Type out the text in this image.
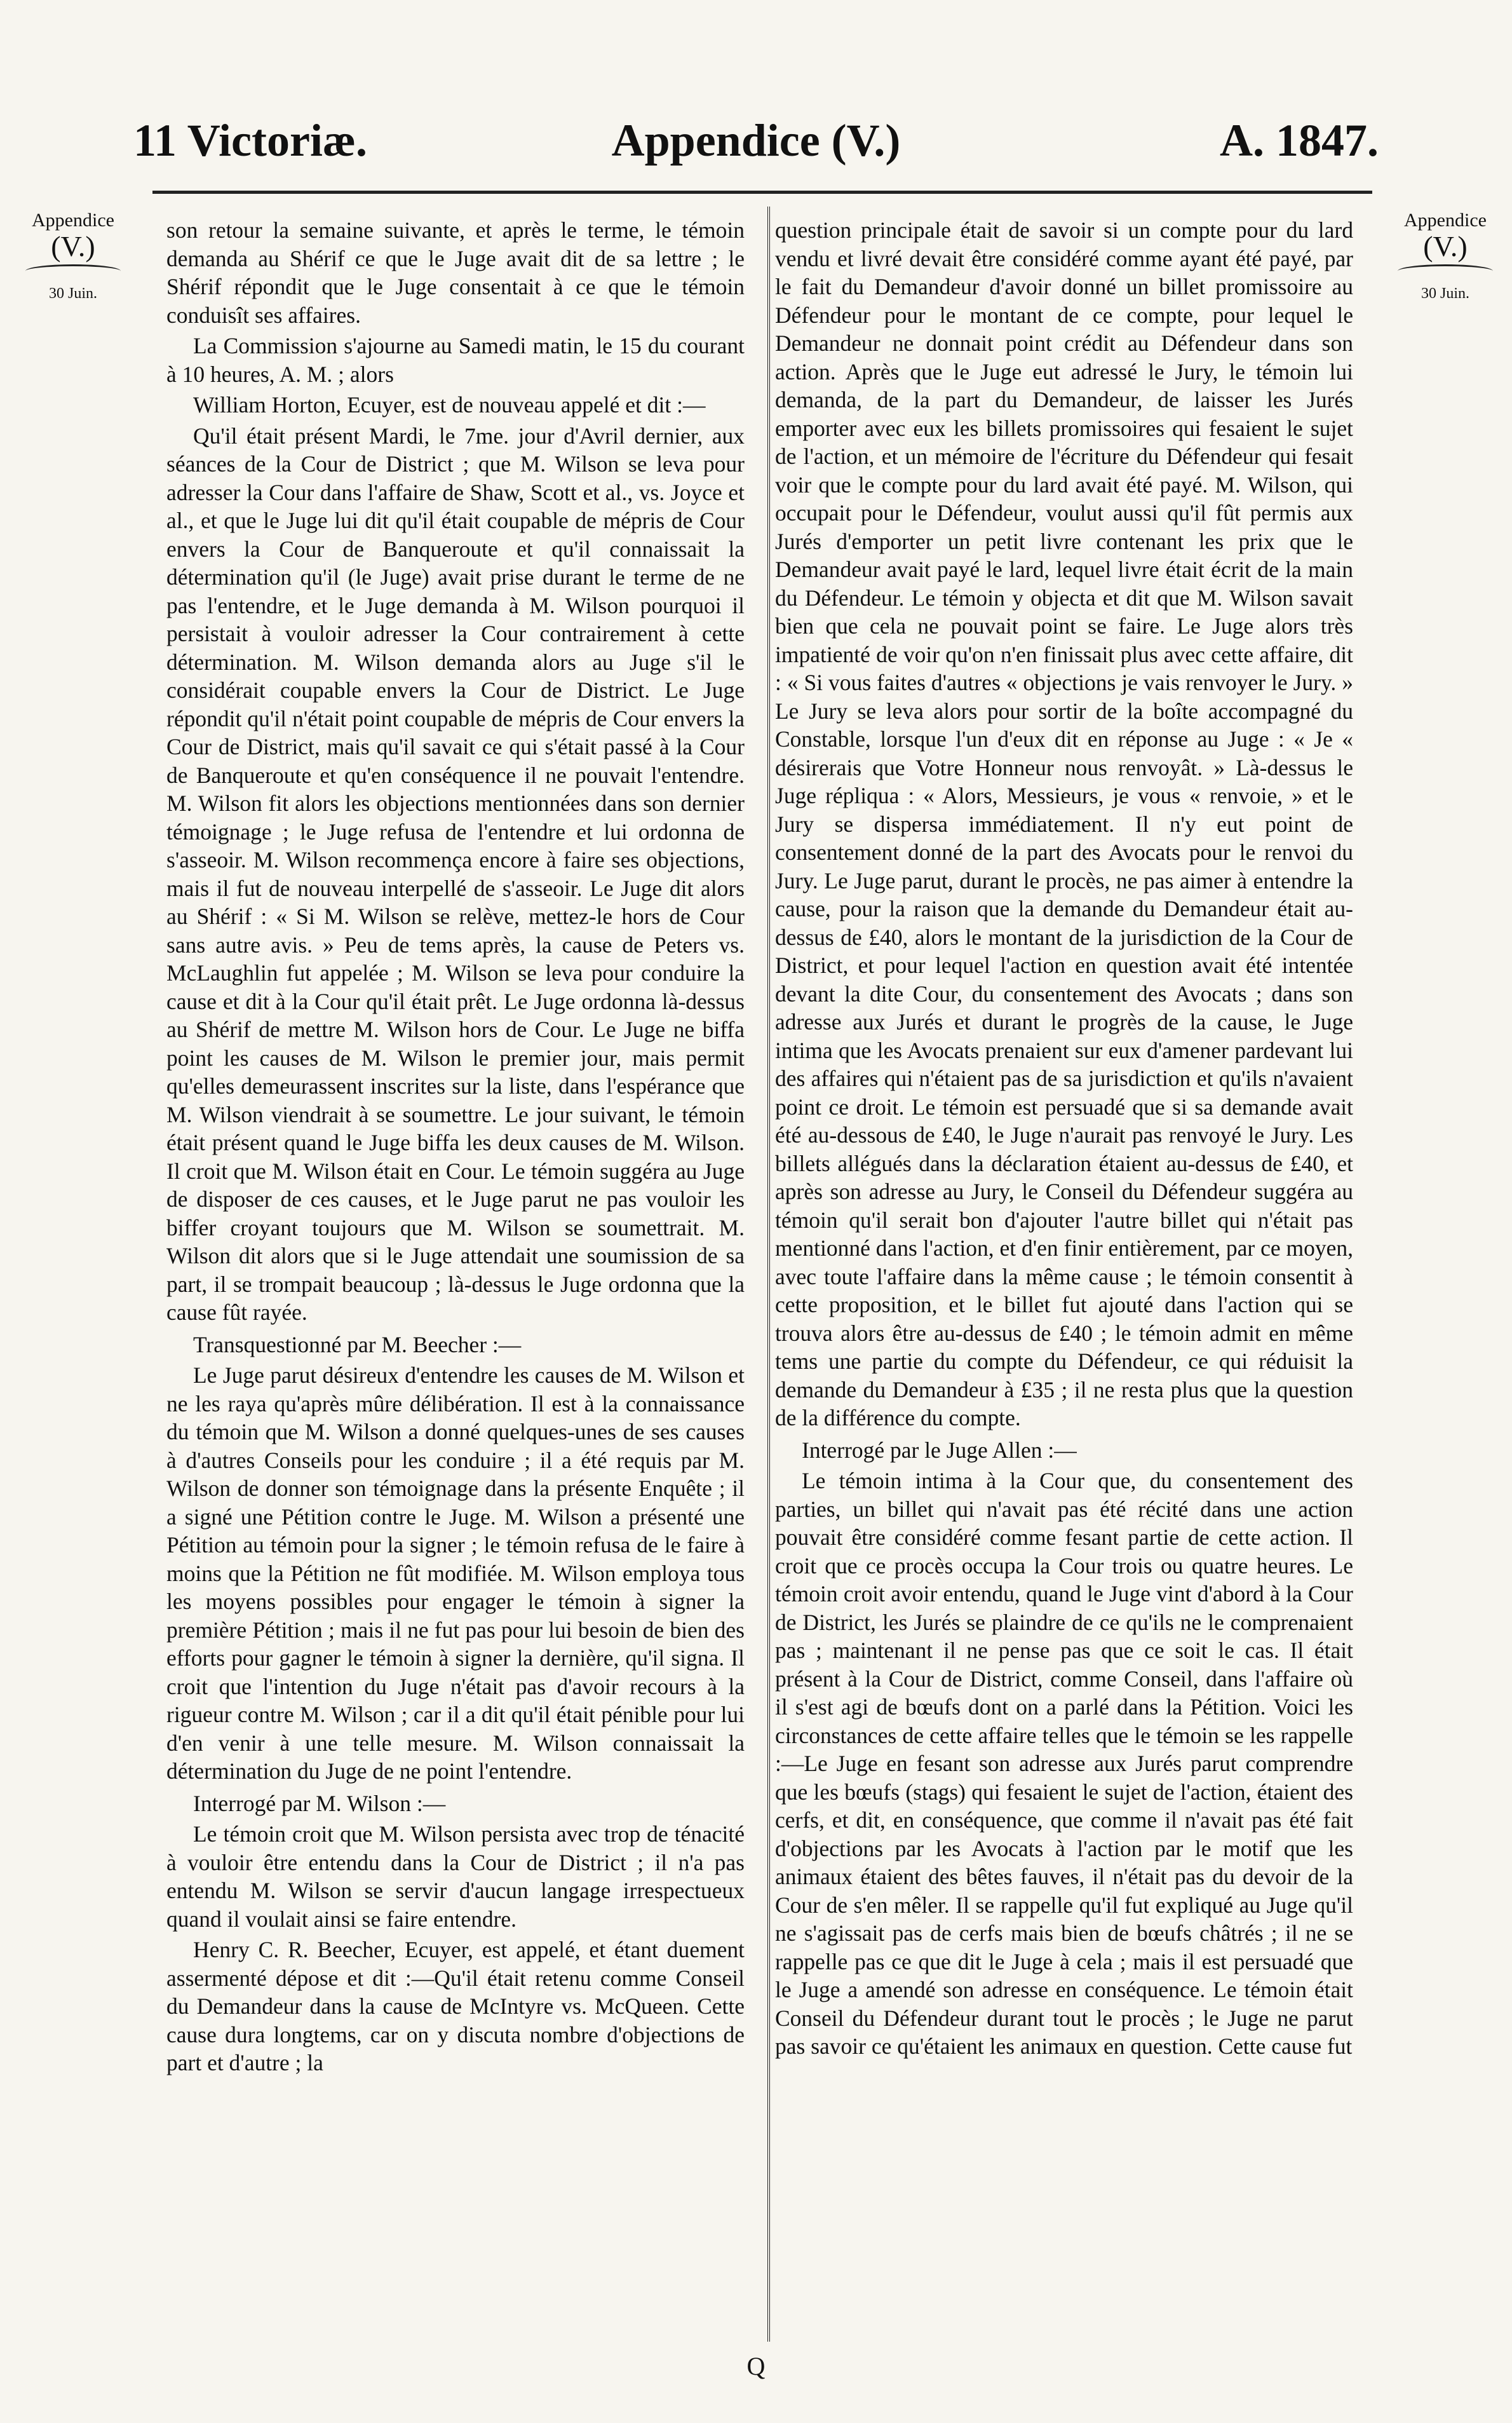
11 Victoriæ.	Appendice (V.)	A. 1847.
Appendice
(V.)
30 Juin.
Appendice
(V.)
30 Juin.

son retour la semaine suivante, et après le terme, le témoin demanda au Shérif ce que le Juge avait dit de sa lettre ; le Shérif répondit que le Juge consentait à ce que le témoin conduisît ses affaires.

La Commission s'ajourne au Samedi matin, le 15 du courant à 10 heures, A. M. ; alors

William Horton, Ecuyer, est de nouveau appelé et dit :—

Qu'il était présent Mardi, le 7me. jour d'Avril dernier, aux séances de la Cour de District ; que M. Wilson se leva pour adresser la Cour dans l'affaire de Shaw, Scott et al., vs. Joyce et al., et que le Juge lui dit qu'il était coupable de mépris de Cour envers la Cour de Banqueroute et qu'il connaissait la détermination qu'il (le Juge) avait prise durant le terme de ne pas l'entendre, et le Juge demanda à M. Wilson pourquoi il persistait à vouloir adresser la Cour contrairement à cette détermination. M. Wilson demanda alors au Juge s'il le considérait coupable envers la Cour de District. Le Juge répondit qu'il n'était point coupable de mépris de Cour envers la Cour de District, mais qu'il savait ce qui s'était passé à la Cour de Banqueroute et qu'en conséquence il ne pouvait l'entendre. M. Wilson fit alors les objections mentionnées dans son dernier témoignage ; le Juge refusa de l'entendre et lui ordonna de s'asseoir. M. Wilson recommença encore à faire ses objections, mais il fut de nouveau interpellé de s'asseoir. Le Juge dit alors au Shérif : « Si M. Wilson se relève, mettez-le hors de Cour sans autre avis. » Peu de tems après, la cause de Peters vs. McLaughlin fut appelée ; M. Wilson se leva pour conduire la cause et dit à la Cour qu'il était prêt. Le Juge ordonna là-dessus au Shérif de mettre M. Wilson hors de Cour. Le Juge ne biffa point les causes de M. Wilson le premier jour, mais permit qu'elles demeurassent inscrites sur la liste, dans l'espérance que M. Wilson viendrait à se soumettre. Le jour suivant, le témoin était présent quand le Juge biffa les deux causes de M. Wilson. Il croit que M. Wilson était en Cour. Le témoin suggéra au Juge de disposer de ces causes, et le Juge parut ne pas vouloir les biffer croyant toujours que M. Wilson se soumettrait. M. Wilson dit alors que si le Juge attendait une soumission de sa part, il se trompait beaucoup ; là-dessus le Juge ordonna que la cause fût rayée.

Transquestionné par M. Beecher :—

Le Juge parut désireux d'entendre les causes de M. Wilson et ne les raya qu'après mûre délibération. Il est à la connaissance du témoin que M. Wilson a donné quelques-unes de ses causes à d'autres Conseils pour les conduire ; il a été requis par M. Wilson de donner son témoignage dans la présente Enquête ; il a signé une Pétition contre le Juge. M. Wilson a présenté une Pétition au témoin pour la signer ; le témoin refusa de le faire à moins que la Pétition ne fût modifiée. M. Wilson employa tous les moyens possibles pour engager le témoin à signer la première Pétition ; mais il ne fut pas pour lui besoin de bien des efforts pour gagner le témoin à signer la dernière, qu'il signa. Il croit que l'intention du Juge n'était pas d'avoir recours à la rigueur contre M. Wilson ; car il a dit qu'il était pénible pour lui d'en venir à une telle mesure. M. Wilson connaissait la détermination du Juge de ne point l'entendre.

Interrogé par M. Wilson :—

Le témoin croit que M. Wilson persista avec trop de ténacité à vouloir être entendu dans la Cour de District ; il n'a pas entendu M. Wilson se servir d'aucun langage irrespectueux quand il voulait ainsi se faire entendre.

Henry C. R. Beecher, Ecuyer, est appelé, et étant duement assermenté dépose et dit :—Qu'il était retenu comme Conseil du Demandeur dans la cause de McIntyre vs. McQueen. Cette cause dura longtems, car on y discuta nombre d'objections de part et d'autre ; la

question principale était de savoir si un compte pour du lard vendu et livré devait être considéré comme ayant été payé, par le fait du Demandeur d'avoir donné un billet promissoire au Défendeur pour le montant de ce compte, pour lequel le Demandeur ne donnait point crédit au Défendeur dans son action. Après que le Juge eut adressé le Jury, le témoin lui demanda, de la part du Demandeur, de laisser les Jurés emporter avec eux les billets promissoires qui fesaient le sujet de l'action, et un mémoire de l'écriture du Défendeur qui fesait voir que le compte pour du lard avait été payé. M. Wilson, qui occupait pour le Défendeur, voulut aussi qu'il fût permis aux Jurés d'emporter un petit livre contenant les prix que le Demandeur avait payé le lard, lequel livre était écrit de la main du Défendeur. Le témoin y objecta et dit que M. Wilson savait bien que cela ne pouvait point se faire. Le Juge alors très impatienté de voir qu'on n'en finissait plus avec cette affaire, dit : « Si vous faites d'autres « objections je vais renvoyer le Jury. » Le Jury se leva alors pour sortir de la boîte accompagné du Constable, lorsque l'un d'eux dit en réponse au Juge : « Je « désirerais que Votre Honneur nous renvoyât. » Là-dessus le Juge répliqua : « Alors, Messieurs, je vous « renvoie, » et le Jury se dispersa immédiatement. Il n'y eut point de consentement donné de la part des Avocats pour le renvoi du Jury. Le Juge parut, durant le procès, ne pas aimer à entendre la cause, pour la raison que la demande du Demandeur était au-dessus de £40, alors le montant de la jurisdiction de la Cour de District, et pour lequel l'action en question avait été intentée devant la dite Cour, du consentement des Avocats ; dans son adresse aux Jurés et durant le progrès de la cause, le Juge intima que les Avocats prenaient sur eux d'amener pardevant lui des affaires qui n'étaient pas de sa jurisdiction et qu'ils n'avaient point ce droit. Le témoin est persuadé que si sa demande avait été au-dessous de £40, le Juge n'aurait pas renvoyé le Jury. Les billets allégués dans la déclaration étaient au-dessus de £40, et après son adresse au Jury, le Conseil du Défendeur suggéra au témoin qu'il serait bon d'ajouter l'autre billet qui n'était pas mentionné dans l'action, et d'en finir entièrement, par ce moyen, avec toute l'affaire dans la même cause ; le témoin consentit à cette proposition, et le billet fut ajouté dans l'action qui se trouva alors être au-dessus de £40 ; le témoin admit en même tems une partie du compte du Défendeur, ce qui réduisit la demande du Demandeur à £35 ; il ne resta plus que la question de la différence du compte.

Interrogé par le Juge Allen :—

Le témoin intima à la Cour que, du consentement des parties, un billet qui n'avait pas été récité dans une action pouvait être considéré comme fesant partie de cette action. Il croit que ce procès occupa la Cour trois ou quatre heures. Le témoin croit avoir entendu, quand le Juge vint d'abord à la Cour de District, les Jurés se plaindre de ce qu'ils ne le comprenaient pas ; maintenant il ne pense pas que ce soit le cas. Il était présent à la Cour de District, comme Conseil, dans l'affaire où il s'est agi de bœufs dont on a parlé dans la Pétition. Voici les circonstances de cette affaire telles que le témoin se les rappelle :—Le Juge en fesant son adresse aux Jurés parut comprendre que les bœufs (stags) qui fesaient le sujet de l'action, étaient des cerfs, et dit, en conséquence, que comme il n'avait pas été fait d'objections par les Avocats à l'action par le motif que les animaux étaient des bêtes fauves, il n'était pas du devoir de la Cour de s'en mêler. Il se rappelle qu'il fut expliqué au Juge qu'il ne s'agissait pas de cerfs mais bien de bœufs châtrés ; il ne se rappelle pas ce que dit le Juge à cela ; mais il est persuadé que le Juge a amendé son adresse en conséquence. Le témoin était Conseil du Défendeur durant tout le procès ; le Juge ne parut pas savoir ce qu'étaient les animaux en question. Cette cause fut

Q
